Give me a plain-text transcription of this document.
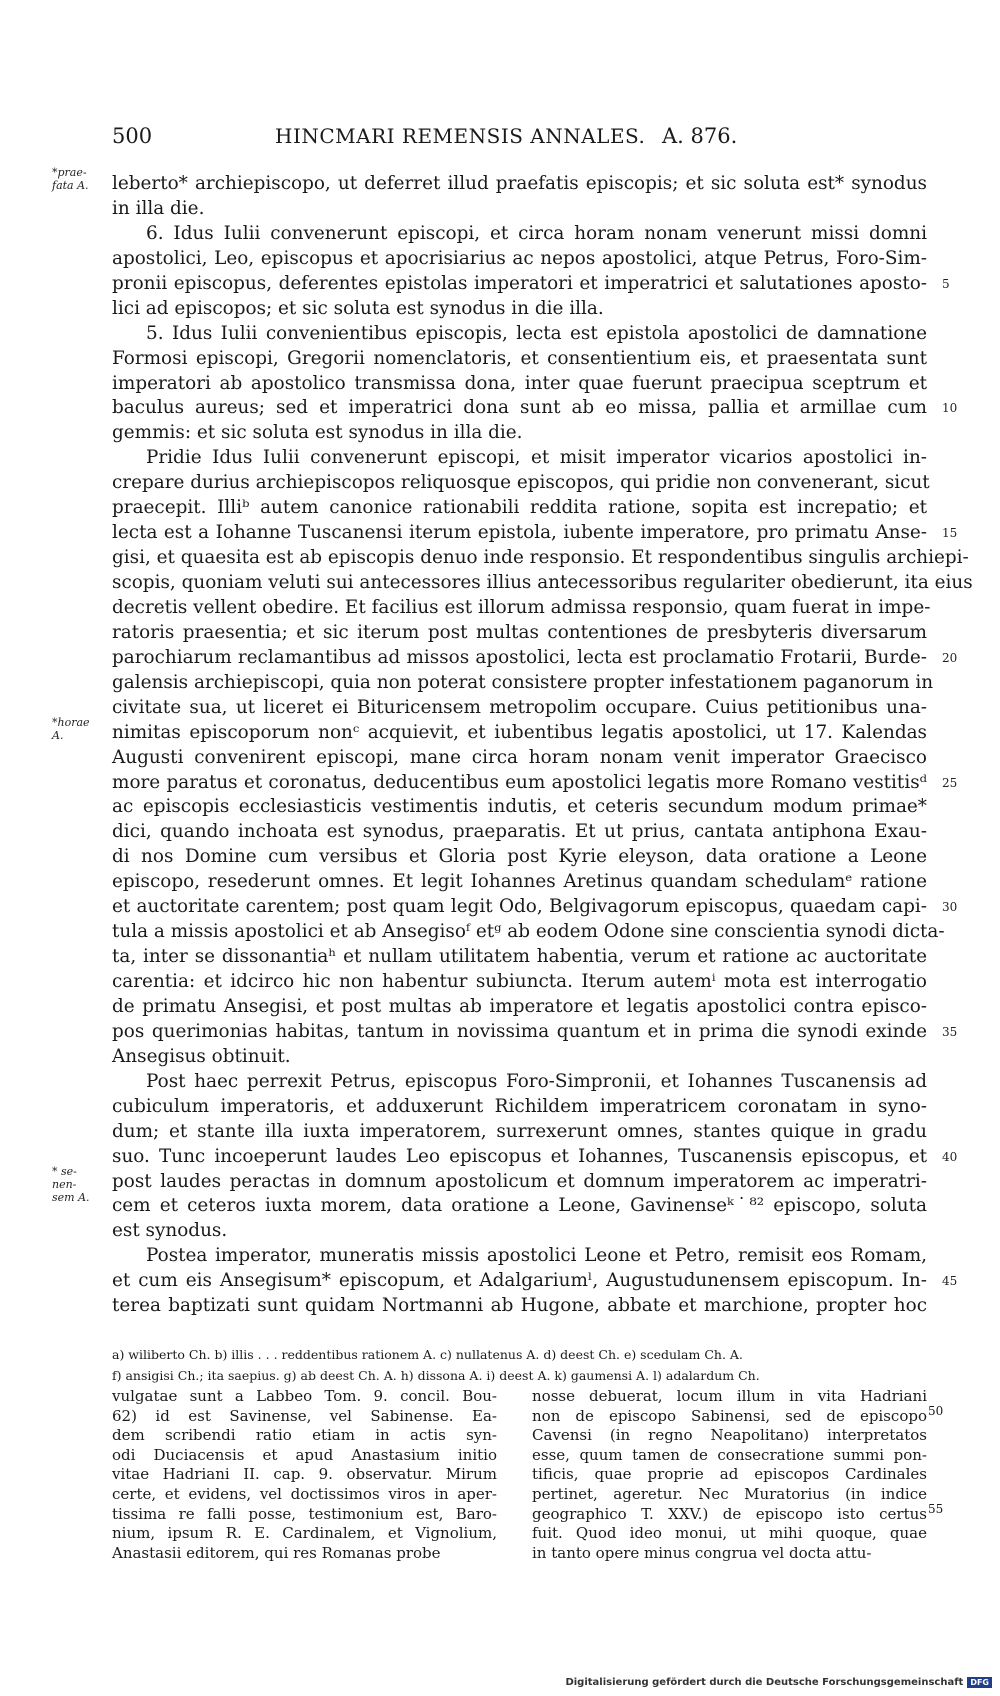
500	HINCMARI REMENSIS ANNALES. A. 876.
*prae-
fata A.
*horae
A.
* se-
nen-
sem A.
leberto* archiepiscopo, ut deferret illud praefatis episcopis; et sic soluta est* synodus
in illa die.
6. Idus Iulii convenerunt episcopi, et circa horam nonam venerunt missi domni
apostolici, Leo, episcopus et apocrisiarius ac nepos apostolici, atque Petrus, Foro-Sim-
pronii episcopus, deferentes epistolas imperatori et imperatrici et salutationes aposto- 5
lici ad episcopos; et sic soluta est synodus in die illa.
5. Idus Iulii convenientibus episcopis, lecta est epistola apostolici de damnatione
Formosi episcopi, Gregorii nomenclatoris, et consentientium eis, et praesentata sunt
imperatori ab apostolico transmissa dona, inter quae fuerunt praecipua sceptrum et
baculus aureus; sed et imperatrici dona sunt ab eo missa, pallia et armillae cum 10
gemmis: et sic soluta est synodus in illa die.
Pridie Idus Iulii convenerunt episcopi, et misit imperator vicarios apostolici in-
crepare durius archiepiscopos reliquosque episcopos, qui pridie non convenerant, sicut
praecepit. Illiᵇ autem canonice rationabili reddita ratione, sopita est increpatio; et
lecta est a Iohanne Tuscanensi iterum epistola, iubente imperatore, pro primatu Anse- 15
gisi, et quaesita est ab episcopis denuo inde responsio. Et respondentibus singulis archiepi-
scopis, quoniam veluti sui antecessores illius antecessoribus regulariter obedierunt, ita eius
decretis vellent obedire. Et facilius est illorum admissa responsio, quam fuerat in impe-
ratoris praesentia; et sic iterum post multas contentiones de presbyteris diversarum
parochiarum reclamantibus ad missos apostolici, lecta est proclamatio Frotarii, Burde- 20
galensis archiepiscopi, quia non poterat consistere propter infestationem paganorum in
civitate sua, ut liceret ei Bituricensem metropolim occupare. Cuius petitionibus una-
nimitas episcoporum nonᶜ acquievit, et iubentibus legatis apostolici, ut 17. Kalendas
Augusti convenirent episcopi, mane circa horam nonam venit imperator Graecisco
more paratus et coronatus, deducentibus eum apostolici legatis more Romano vestitisᵈ 25
ac episcopis ecclesiasticis vestimentis indutis, et ceteris secundum modum primae*
dici, quando inchoata est synodus, praeparatis. Et ut prius, cantata antiphona Exau-
di nos Domine cum versibus et Gloria post Kyrie eleyson, data oratione a Leone
episcopo, resederunt omnes. Et legit Iohannes Aretinus quandam schedulamᵉ ratione
et auctoritate carentem; post quam legit Odo, Belgivagorum episcopus, quaedam capi- 30
tula a missis apostolici et ab Ansegisoᶠ etᵍ ab eodem Odone sine conscientia synodi dicta-
ta, inter se dissonantiaʰ et nullam utilitatem habentia, verum et ratione ac auctoritate
carentia: et idcirco hic non habentur subiuncta. Iterum autemⁱ mota est interrogatio
de primatu Ansegisi, et post multas ab imperatore et legatis apostolici contra episco-
pos querimonias habitas, tantum in novissima quantum et in prima die synodi exinde 35
Ansegisus obtinuit.
Post haec perrexit Petrus, episcopus Foro-Simpronii, et Iohannes Tuscanensis ad
cubiculum imperatoris, et adduxerunt Richildem imperatricem coronatam in syno-
dum; et stante illa iuxta imperatorem, surrexerunt omnes, stantes quique in gradu
suo. Tunc incoeperunt laudes Leo episcopus et Iohannes, Tuscanensis episcopus, et 40
post laudes peractas in domnum apostolicum et domnum imperatorem ac imperatri-
cem et ceteros iuxta morem, data oratione a Leone, Gavinenseᵏ˙⁸² episcopo, soluta
est synodus.
Postea imperator, muneratis missis apostolici Leone et Petro, remisit eos Romam,
et cum eis Ansegisum* episcopum, et Adalgariumˡ, Augustudunensem episcopum. In- 45
terea baptizati sunt quidam Nortmanni ab Hugone, abbate et marchione, propter hoc
a) wiliberto Ch. b) illis . . . reddentibus rationem A. c) nullatenus A. d) deest Ch. e) scedulam Ch. A.
f) ansigisi Ch.; ita saepius. g) ab deest Ch. A. h) dissona A. i) deest A. k) gaumensi A. l) adalardum Ch.
vulgatae sunt a Labbeo Tom. 9. concil. Bou-
62) id est Savinense, vel Sabinense. Ea-
dem scribendi ratio etiam in actis syn-
odi Duciacensis et apud Anastasium initio
vitae Hadriani II. cap. 9. observatur. Mirum
certe, et evidens, vel doctissimos viros in aper-
tissima re falli posse, testimonium est, Baro-
nium, ipsum R. E. Cardinalem, et Vignolium,
Anastasii editorem, qui res Romanas probe
nosse debuerat, locum illum in vita Hadriani
non de episcopo Sabinensi, sed de episcopo
Cavensi (in regno Neapolitano) interpretatos
esse, quum tamen de consecratione summi pon-
tificis, quae proprie ad episcopos Cardinales
pertinet, ageretur. Nec Muratorius (in indice
geographico T. XXV.) de episcopo isto certus
fuit. Quod ideo monui, ut mihi quoque, quae
in tanto opere minus congrua vel docta attu-
50
55
Digitalisierung gefördert durch die Deutsche Forschungsgemeinschaft DFG
